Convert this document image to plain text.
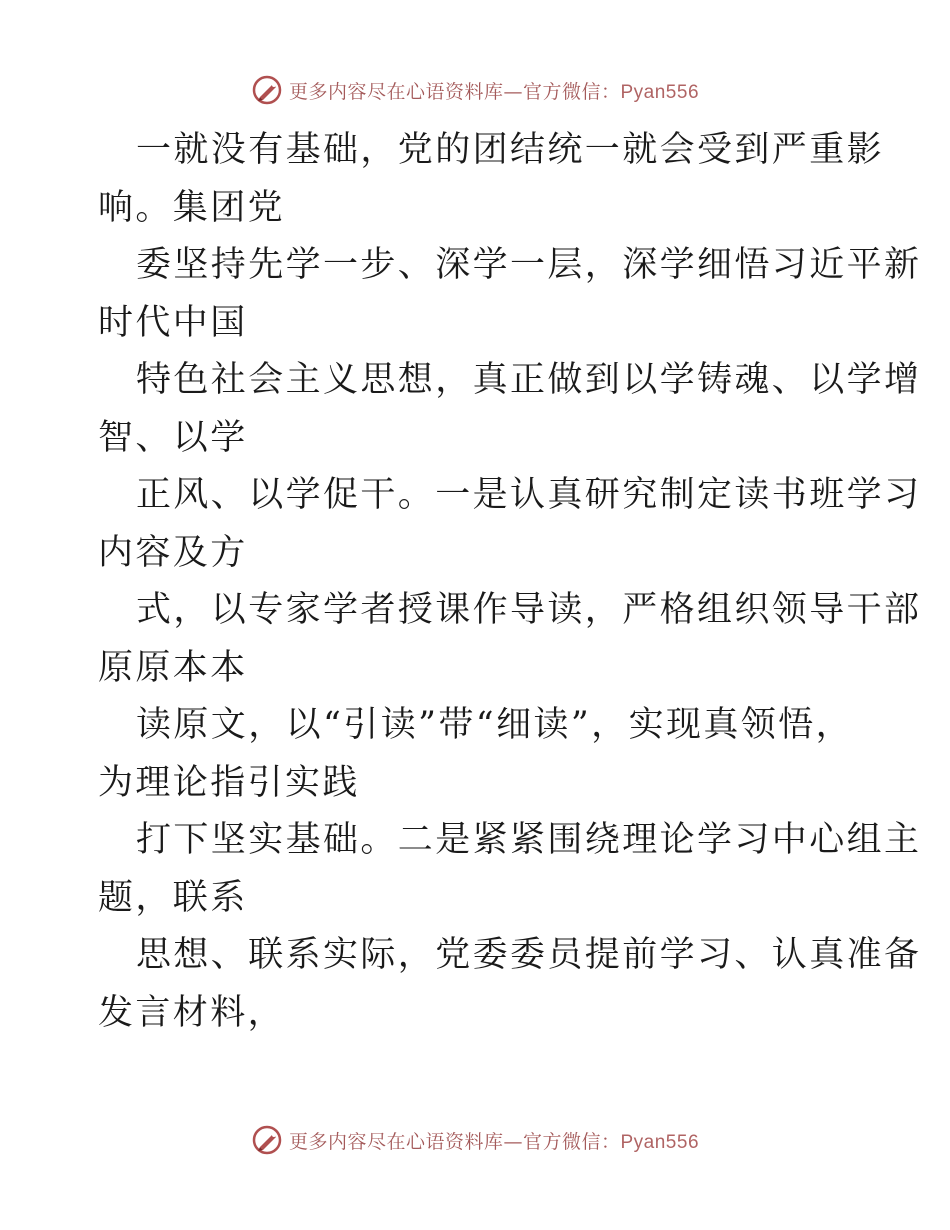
更多内容尽在心语资料库—官方微信：Pyan556
一就没有基础，党的团结统一就会受到严重影
响。集团党
委坚持先学一步、深学一层，深学细悟习近平新
时代中国
特色社会主义思想，真正做到以学铸魂、以学增
智、以学
正风、以学促干。一是认真研究制定读书班学习
内容及方
式，以专家学者授课作导读，严格组织领导干部
原原本本
读原文，以“引读”带“细读”，实现真领悟，
为理论指引实践
打下坚实基础。二是紧紧围绕理论学习中心组主
题，联系
思想、联系实际，党委委员提前学习、认真准备
发言材料，
更多内容尽在心语资料库—官方微信：Pyan556
